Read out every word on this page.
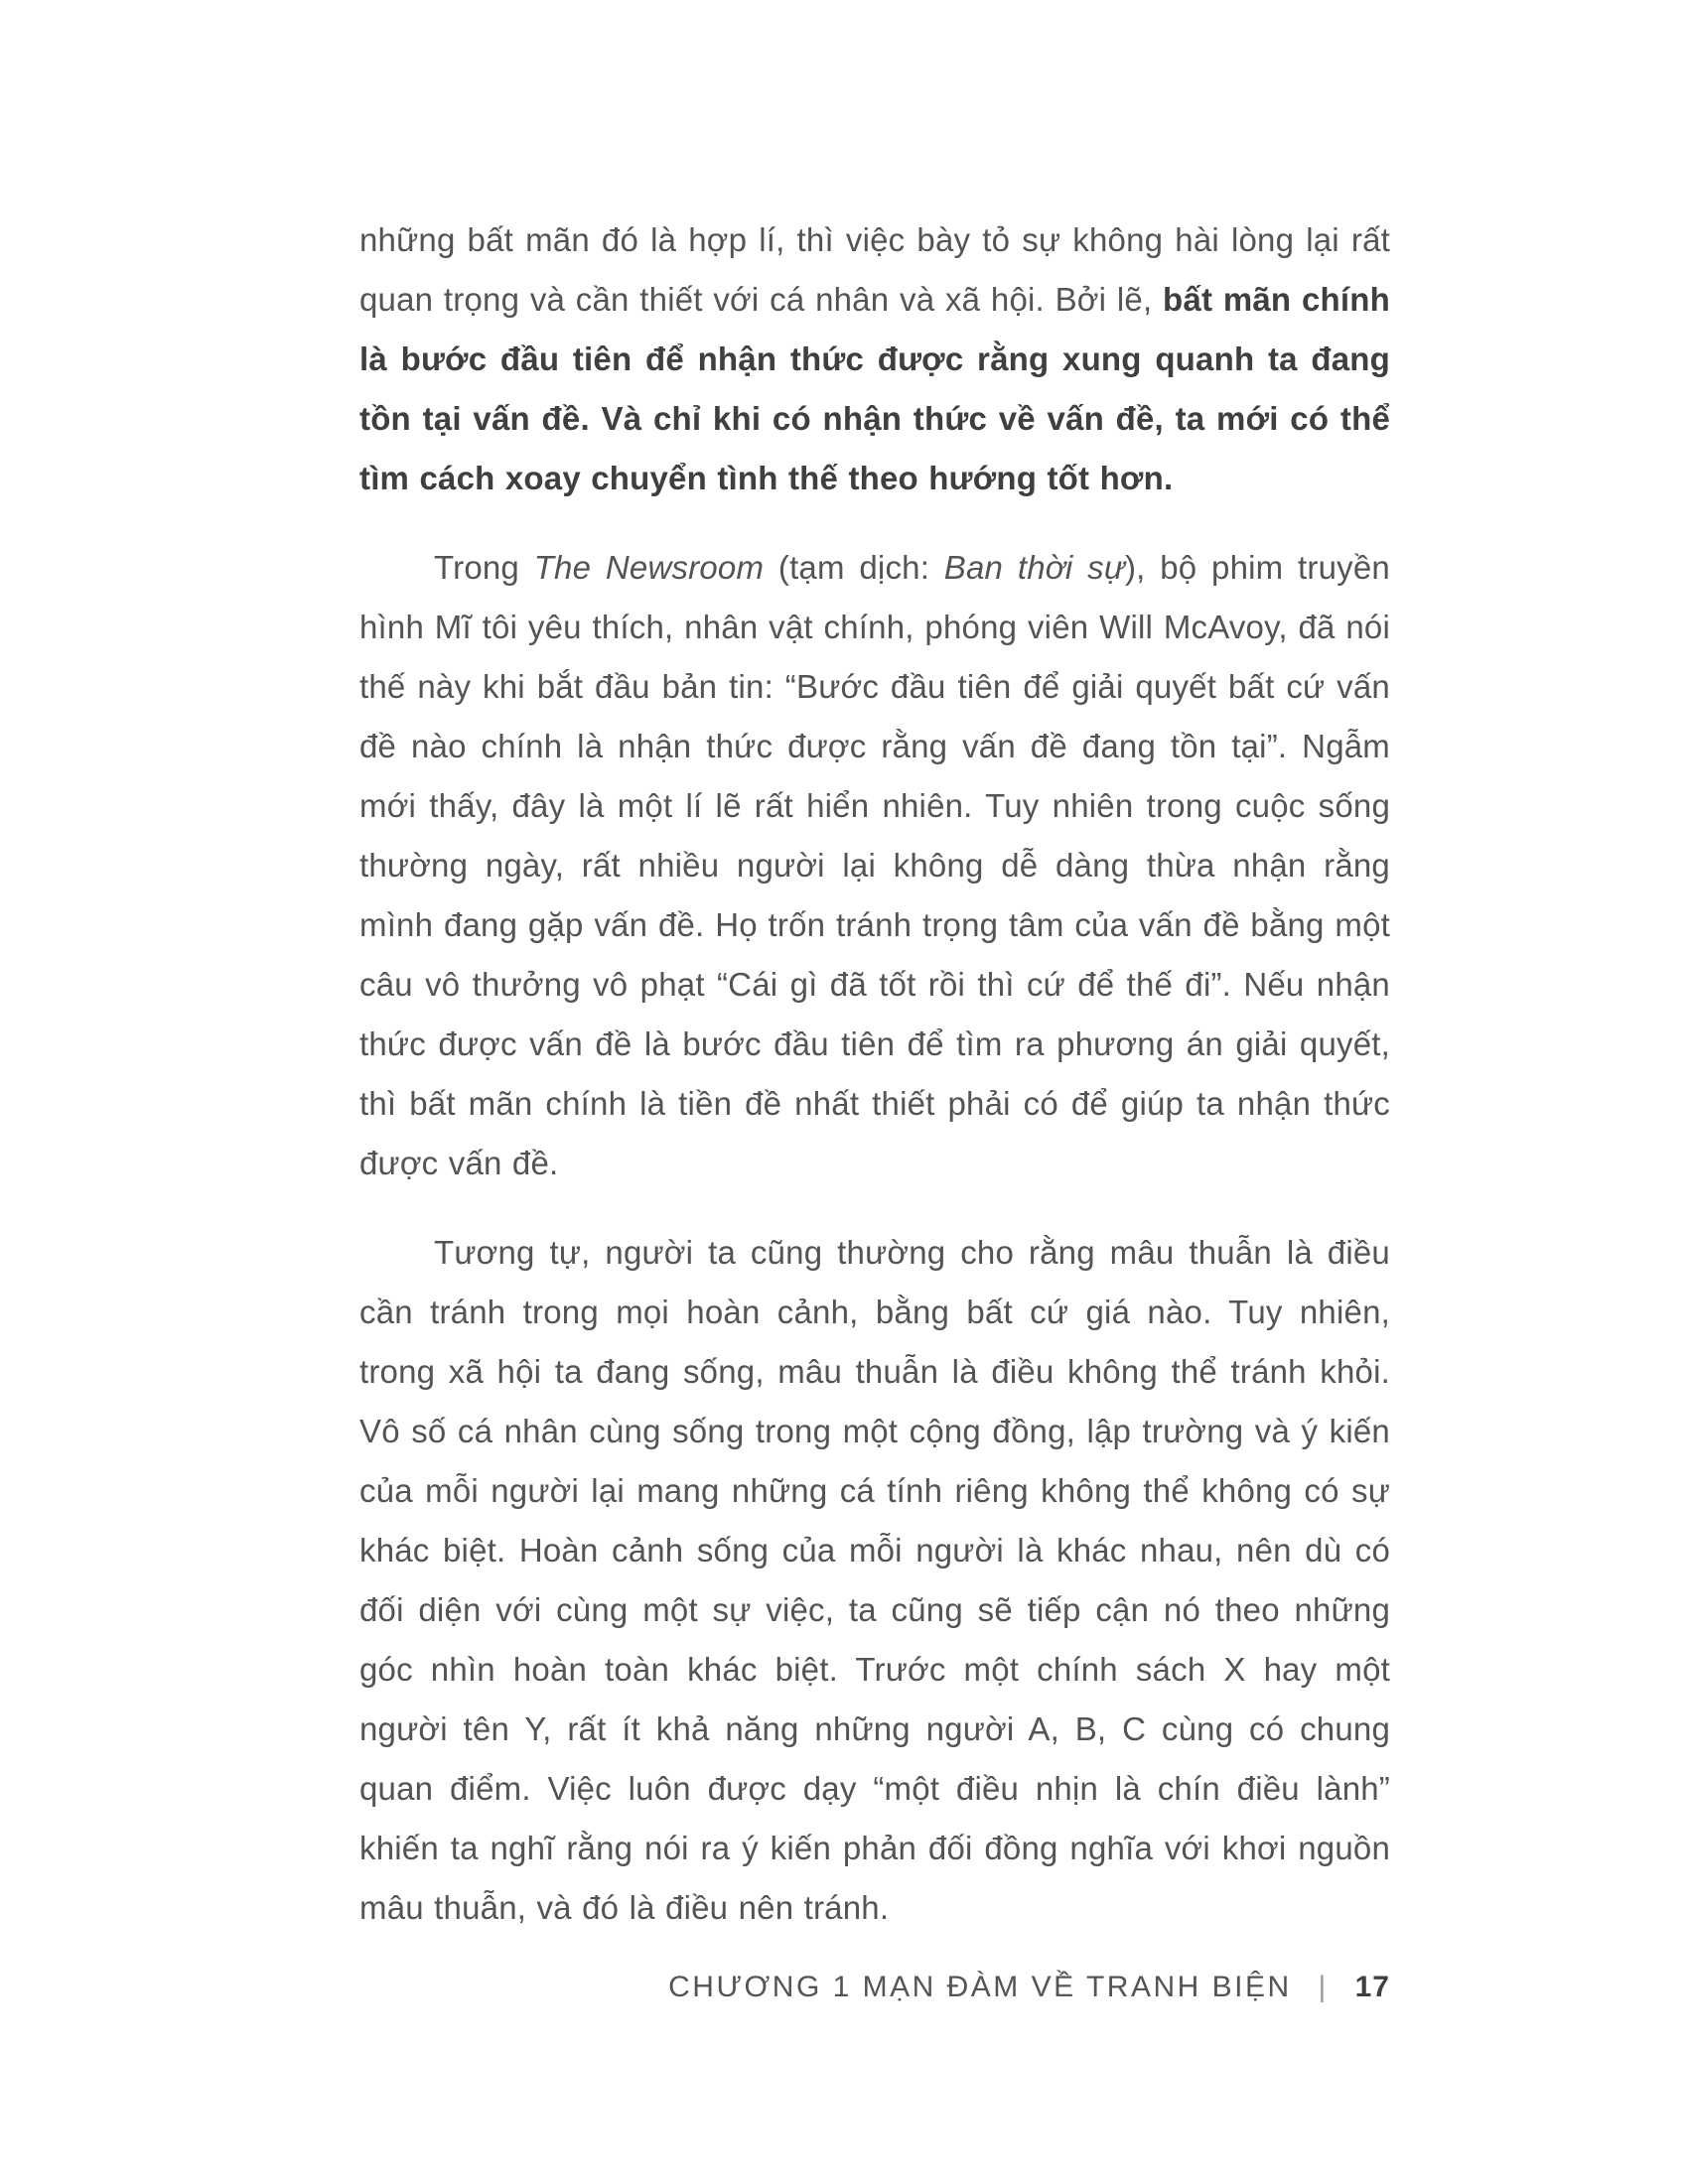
những bất mãn đó là hợp lí, thì việc bày tỏ sự không hài lòng lại rất quan trọng và cần thiết với cá nhân và xã hội. Bởi lẽ, bất mãn chính là bước đầu tiên để nhận thức được rằng xung quanh ta đang tồn tại vấn đề. Và chỉ khi có nhận thức về vấn đề, ta mới có thể tìm cách xoay chuyển tình thế theo hướng tốt hơn.

Trong The Newsroom (tạm dịch: Ban thời sự), bộ phim truyền hình Mĩ tôi yêu thích, nhân vật chính, phóng viên Will McAvoy, đã nói thế này khi bắt đầu bản tin: “Bước đầu tiên để giải quyết bất cứ vấn đề nào chính là nhận thức được rằng vấn đề đang tồn tại”. Ngẫm mới thấy, đây là một lí lẽ rất hiển nhiên. Tuy nhiên trong cuộc sống thường ngày, rất nhiều người lại không dễ dàng thừa nhận rằng mình đang gặp vấn đề. Họ trốn tránh trọng tâm của vấn đề bằng một câu vô thưởng vô phạt “Cái gì đã tốt rồi thì cứ để thế đi”. Nếu nhận thức được vấn đề là bước đầu tiên để tìm ra phương án giải quyết, thì bất mãn chính là tiền đề nhất thiết phải có để giúp ta nhận thức được vấn đề.

Tương tự, người ta cũng thường cho rằng mâu thuẫn là điều cần tránh trong mọi hoàn cảnh, bằng bất cứ giá nào. Tuy nhiên, trong xã hội ta đang sống, mâu thuẫn là điều không thể tránh khỏi. Vô số cá nhân cùng sống trong một cộng đồng, lập trường và ý kiến của mỗi người lại mang những cá tính riêng không thể không có sự khác biệt. Hoàn cảnh sống của mỗi người là khác nhau, nên dù có đối diện với cùng một sự việc, ta cũng sẽ tiếp cận nó theo những góc nhìn hoàn toàn khác biệt. Trước một chính sách X hay một người tên Y, rất ít khả năng những người A, B, C cùng có chung quan điểm. Việc luôn được dạy “một điều nhịn là chín điều lành” khiến ta nghĩ rằng nói ra ý kiến phản đối đồng nghĩa với khơi nguồn mâu thuẫn, và đó là điều nên tránh.

CHƯƠNG 1 MẠN ĐÀM VỀ TRANH BIỆN | 17
